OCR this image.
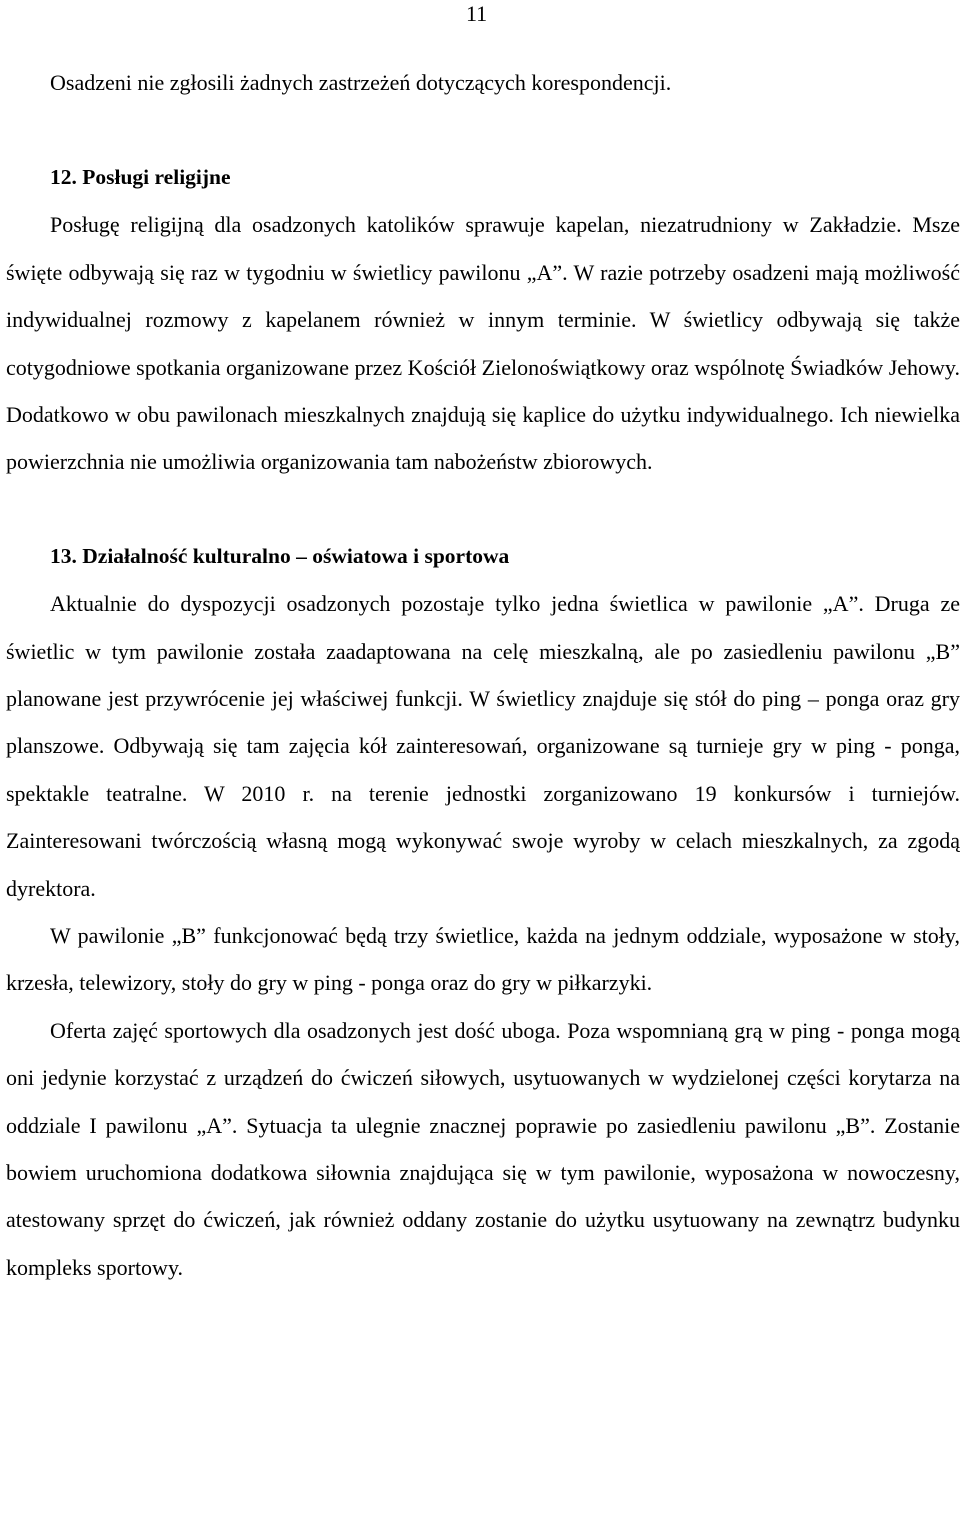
11

Osadzeni nie zgłosili żadnych zastrzeżeń dotyczących korespondencji.

12. Posługi religijne

Posługę religijną dla osadzonych katolików sprawuje kapelan, niezatrudniony w Zakładzie. Msze święte odbywają się raz w tygodniu w świetlicy pawilonu „A”. W razie potrzeby osadzeni mają możliwość indywidualnej rozmowy z kapelanem również w innym terminie. W świetlicy odbywają się także cotygodniowe spotkania organizowane przez Kościół Zielonoświątkowy oraz wspólnotę Świadków Jehowy. Dodatkowo w obu pawilonach mieszkalnych znajdują się kaplice do użytku indywidualnego. Ich niewielka powierzchnia nie umożliwia organizowania tam nabożeństw zbiorowych.

13. Działalność kulturalno – oświatowa i sportowa

Aktualnie do dyspozycji osadzonych pozostaje tylko jedna świetlica w pawilonie „A”. Druga ze świetlic w tym pawilonie została zaadaptowana na celę mieszkalną, ale po zasiedleniu pawilonu „B” planowane jest przywrócenie jej właściwej funkcji. W świetlicy znajduje się stół do ping – ponga oraz gry planszowe. Odbywają się tam zajęcia kół zainteresowań, organizowane są turnieje gry w ping - ponga, spektakle teatralne. W 2010 r. na terenie jednostki zorganizowano 19 konkursów i turniejów. Zainteresowani twórczością własną mogą wykonywać swoje wyroby w celach mieszkalnych, za zgodą dyrektora.

W pawilonie „B” funkcjonować będą trzy świetlice, każda na jednym oddziale, wyposażone w stoły, krzesła, telewizory, stoły do gry w ping - ponga oraz do gry w piłkarzyki.

Oferta zajęć sportowych dla osadzonych jest dość uboga. Poza wspomnianą grą w ping - ponga mogą oni jedynie korzystać z urządzeń do ćwiczeń siłowych, usytuowanych w wydzielonej części korytarza na oddziale I pawilonu „A”. Sytuacja ta ulegnie znacznej poprawie po zasiedleniu pawilonu „B”. Zostanie bowiem uruchomiona dodatkowa siłownia znajdująca się w tym pawilonie, wyposażona w nowoczesny, atestowany sprzęt do ćwiczeń, jak również oddany zostanie do użytku usytuowany na zewnątrz budynku kompleks sportowy.
